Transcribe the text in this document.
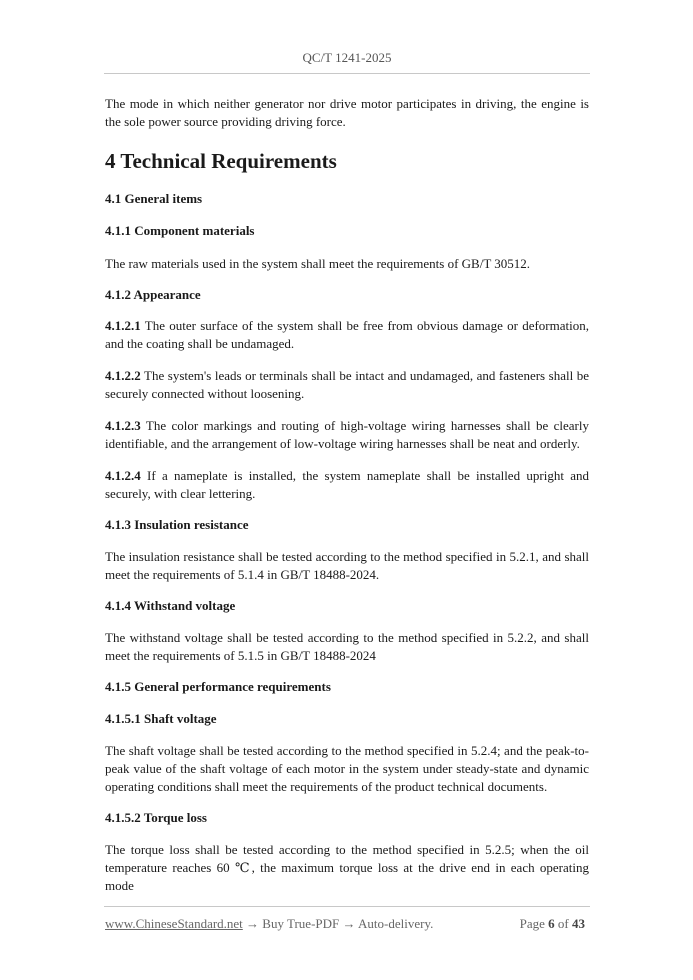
QC/T 1241-2025

The mode in which neither generator nor drive motor participates in driving, the engine is the sole power source providing driving force.

4 Technical Requirements
4.1 General items
4.1.1 Component materials

The raw materials used in the system shall meet the requirements of GB/T 30512.

4.1.2 Appearance

4.1.2.1 The outer surface of the system shall be free from obvious damage or deformation, and the coating shall be undamaged.

4.1.2.2 The system's leads or terminals shall be intact and undamaged, and fasteners shall be securely connected without loosening.

4.1.2.3 The color markings and routing of high-voltage wiring harnesses shall be clearly identifiable, and the arrangement of low-voltage wiring harnesses shall be neat and orderly.

4.1.2.4 If a nameplate is installed, the system nameplate shall be installed upright and securely, with clear lettering.

4.1.3 Insulation resistance

The insulation resistance shall be tested according to the method specified in 5.2.1, and shall meet the requirements of 5.1.4 in GB/T 18488-2024.

4.1.4 Withstand voltage

The withstand voltage shall be tested according to the method specified in 5.2.2, and shall meet the requirements of 5.1.5 in GB/T 18488-2024

4.1.5 General performance requirements
4.1.5.1 Shaft voltage

The shaft voltage shall be tested according to the method specified in 5.2.4; and the peak-to-peak value of the shaft voltage of each motor in the system under steady-state and dynamic operating conditions shall meet the requirements of the product technical documents.

4.1.5.2 Torque loss

The torque loss shall be tested according to the method specified in 5.2.5; when the oil temperature reaches 60 ℃, the maximum torque loss at the drive end in each operating mode

www.ChineseStandard.net → Buy True-PDF → Auto-delivery.	Page 6 of 43
